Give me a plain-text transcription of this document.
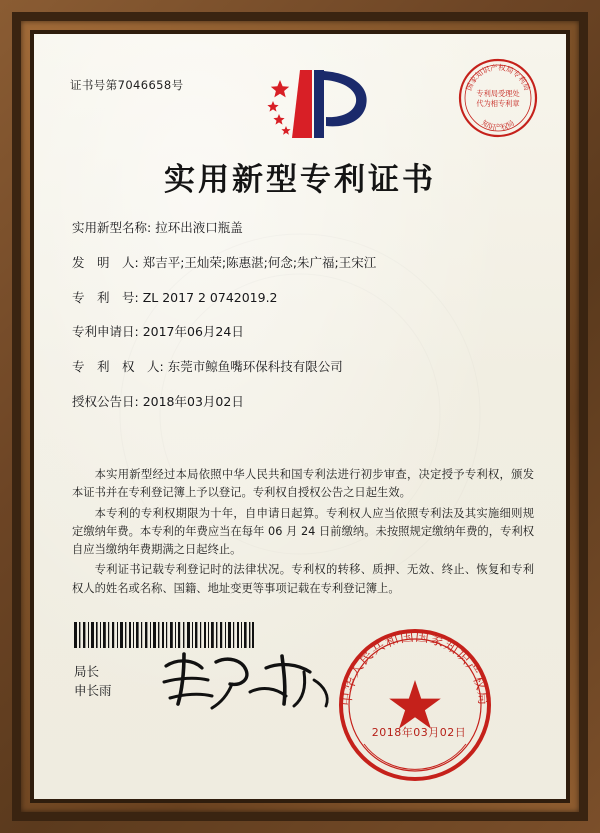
证书号第7046658号	国家知识产权局专利局
专利局受理处
代为相专利章
知识产权局
实用新型专利证书
实用新型名称: 拉环出液口瓶盖
发　明　人: 郑吉平;王灿荣;陈惠湛;何念;朱广福;王宋江
专　利　号: ZL 2017 2 0742019.2
专利申请日: 2017年06月24日
专　利　权　人: 东莞市鲸鱼嘴环保科技有限公司
授权公告日: 2018年03月02日

本实用新型经过本局依照中华人民共和国专利法进行初步审查，决定授予专利权，颁发本证书并在专利登记簿上予以登记。专利权自授权公告之日起生效。

本专利的专利权期限为十年，自申请日起算。专利权人应当依照专利法及其实施细则规定缴纳年费。本专利的年费应当在每年 06 月 24 日前缴纳。未按照规定缴纳年费的，专利权自应当缴纳年费期满之日起终止。

专利证书记载专利登记时的法律状况。专利权的转移、质押、无效、终止、恢复和专利权人的姓名或名称、国籍、地址变更等事项记载在专利登记簿上。

局长
申长雨	中华人民共和国国家知识产权局
2018年03月02日
